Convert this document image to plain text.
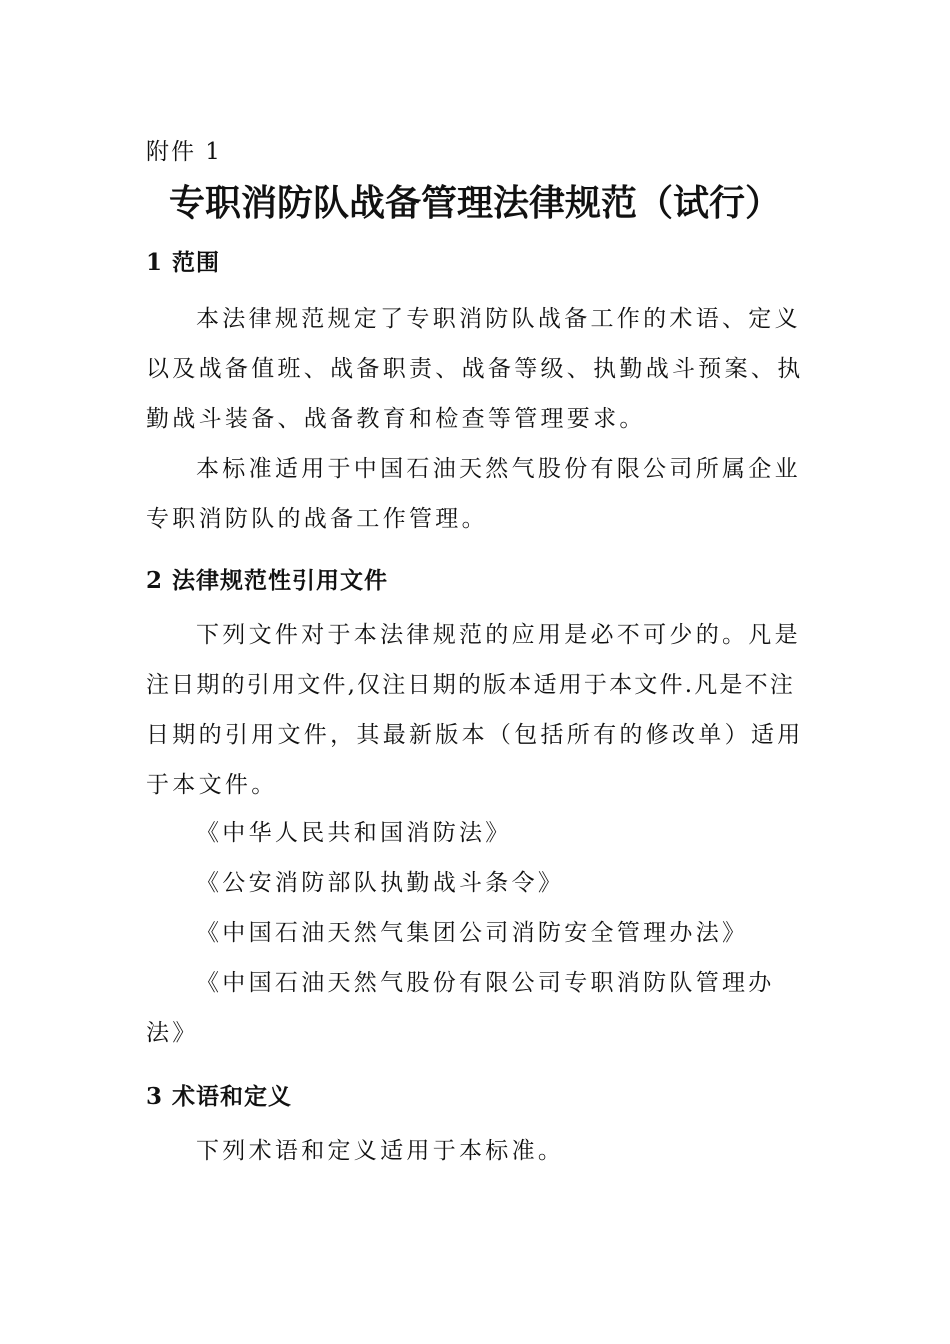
附件 1
专职消防队战备管理法律规范（试行）
1 范围
本法律规范规定了专职消防队战备工作的术语、定义
以及战备值班、战备职责、战备等级、执勤战斗预案、执
勤战斗装备、战备教育和检查等管理要求。
本标准适用于中国石油天然气股份有限公司所属企业
专职消防队的战备工作管理。
2 法律规范性引用文件
下列文件对于本法律规范的应用是必不可少的。凡是
注日期的引用文件,仅注日期的版本适用于本文件.凡是不注
日期的引用文件，其最新版本（包括所有的修改单）适用
于本文件。
《中华人民共和国消防法》
《公安消防部队执勤战斗条令》
《中国石油天然气集团公司消防安全管理办法》
《中国石油天然气股份有限公司专职消防队管理办
法》
3 术语和定义
下列术语和定义适用于本标准。
